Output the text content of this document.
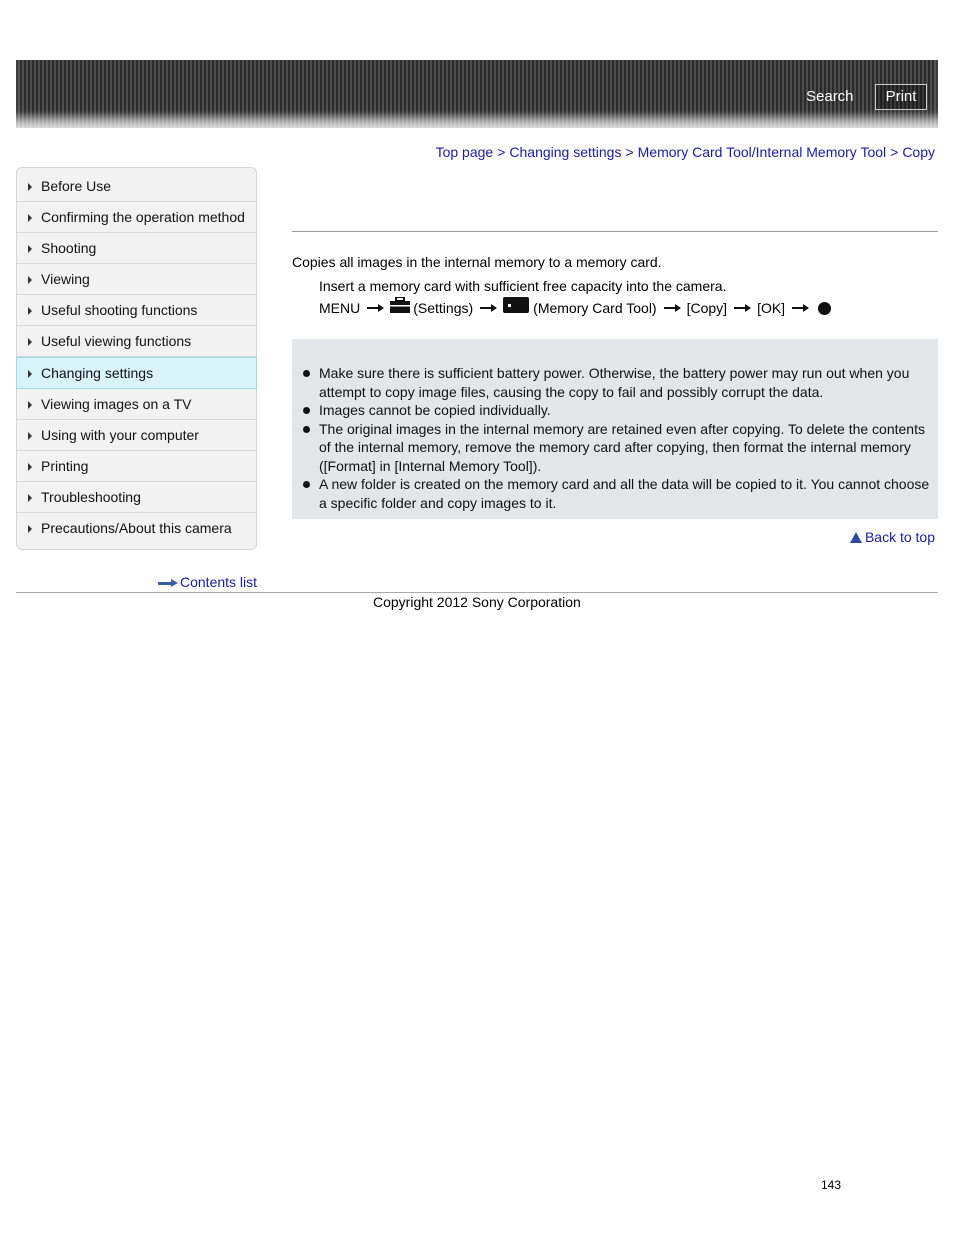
Search	Print
Top page > Changing settings > Memory Card Tool/Internal Memory Tool > Copy
Before Use
Confirming the operation method
Shooting
Viewing
Useful shooting functions
Useful viewing functions
Changing settings
Viewing images on a TV
Using with your computer
Printing
Troubleshooting
Precautions/About this camera
Contents list
Copies all images in the internal memory to a memory card.
Insert a memory card with sufficient free capacity into the camera.
MENU	(Settings)	(Memory Card Tool) [Copy] [OK]
Make sure there is sufficient battery power. Otherwise, the battery power may run out when you attempt to copy image files, causing the copy to fail and possibly corrupt the data.
Images cannot be copied individually.
The original images in the internal memory are retained even after copying. To delete the contents of the internal memory, remove the memory card after copying, then format the internal memory ([Format] in [Internal Memory Tool]).
A new folder is created on the memory card and all the data will be copied to it. You cannot choose a specific folder and copy images to it.
Back to top
Copyright 2012 Sony Corporation
143
